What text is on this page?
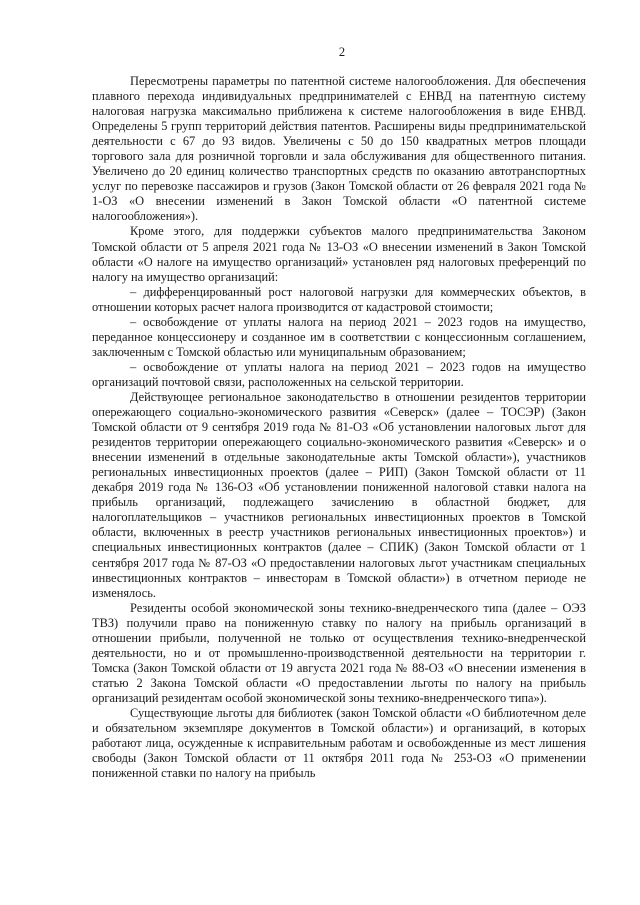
2

Пересмотрены параметры по патентной системе налогообложения. Для обеспечения плавного перехода индивидуальных предпринимателей с ЕНВД на патентную систему налоговая нагрузка максимально приближена к системе налогообложения в виде ЕНВД. Определены 5 групп территорий действия патентов. Расширены виды предпринимательской деятельности с 67 до 93 видов. Увеличены с 50 до 150 квадратных метров площади торгового зала для розничной торговли и зала обслуживания для общественного питания. Увеличено до 20 единиц количество транспортных средств по оказанию автотранспортных услуг по перевозке пассажиров и грузов (Закон Томской области от 26 февраля 2021 года № 1-ОЗ «О внесении изменений в Закон Томской области «О патентной системе налогообложения»).

Кроме этого, для поддержки субъектов малого предпринимательства Законом Томской области от 5 апреля 2021 года № 13-ОЗ «О внесении изменений в Закон Томской области «О налоге на имущество организаций» установлен ряд налоговых преференций по налогу на имущество организаций:

– дифференцированный рост налоговой нагрузки для коммерческих объектов, в отношении которых расчет налога производится от кадастровой стоимости;

– освобождение от уплаты налога на период 2021 – 2023 годов на имущество, переданное концессионеру и созданное им в соответствии с концессионным соглашением, заключенным с Томской областью или муниципальным образованием;

– освобождение от уплаты налога на период 2021 – 2023 годов на имущество организаций почтовой связи, расположенных на сельской территории.

Действующее региональное законодательство в отношении резидентов территории опережающего социально-экономического развития «Северск» (далее – ТОСЭР) (Закон Томской области от 9 сентября 2019 года № 81-ОЗ «Об установлении налоговых льгот для резидентов территории опережающего социально-экономического развития «Северск» и о внесении изменений в отдельные законодательные акты Томской области»), участников региональных инвестиционных проектов (далее – РИП) (Закон Томской области от 11 декабря 2019 года № 136-ОЗ «Об установлении пониженной налоговой ставки налога на прибыль организаций, подлежащего зачислению в областной бюджет, для налогоплательщиков – участников региональных инвестиционных проектов в Томской области, включенных в реестр участников региональных инвестиционных проектов») и специальных инвестиционных контрактов (далее – СПИК) (Закон Томской области от 1 сентября 2017 года № 87-ОЗ «О предоставлении налоговых льгот участникам специальных инвестиционных контрактов – инвесторам в Томской области») в отчетном периоде не изменялось.

Резиденты особой экономической зоны технико-внедренческого типа (далее – ОЭЗ ТВЗ) получили право на пониженную ставку по налогу на прибыль организаций в отношении прибыли, полученной не только от осуществления технико-внедренческой деятельности, но и от промышленно-производственной деятельности на территории г. Томска (Закон Томской области от 19 августа 2021 года № 88-ОЗ «О внесении изменения в статью 2 Закона Томской области «О предоставлении льготы по налогу на прибыль организаций резидентам особой экономической зоны технико-внедренческого типа»).

Существующие льготы для библиотек (закон Томской области «О библиотечном деле и обязательном экземпляре документов в Томской области») и организаций, в которых работают лица, осужденные к исправительным работам и освобожденные из мест лишения свободы (Закон Томской области от 11 октября 2011 года № 253-ОЗ «О применении пониженной ставки по налогу на прибыль
